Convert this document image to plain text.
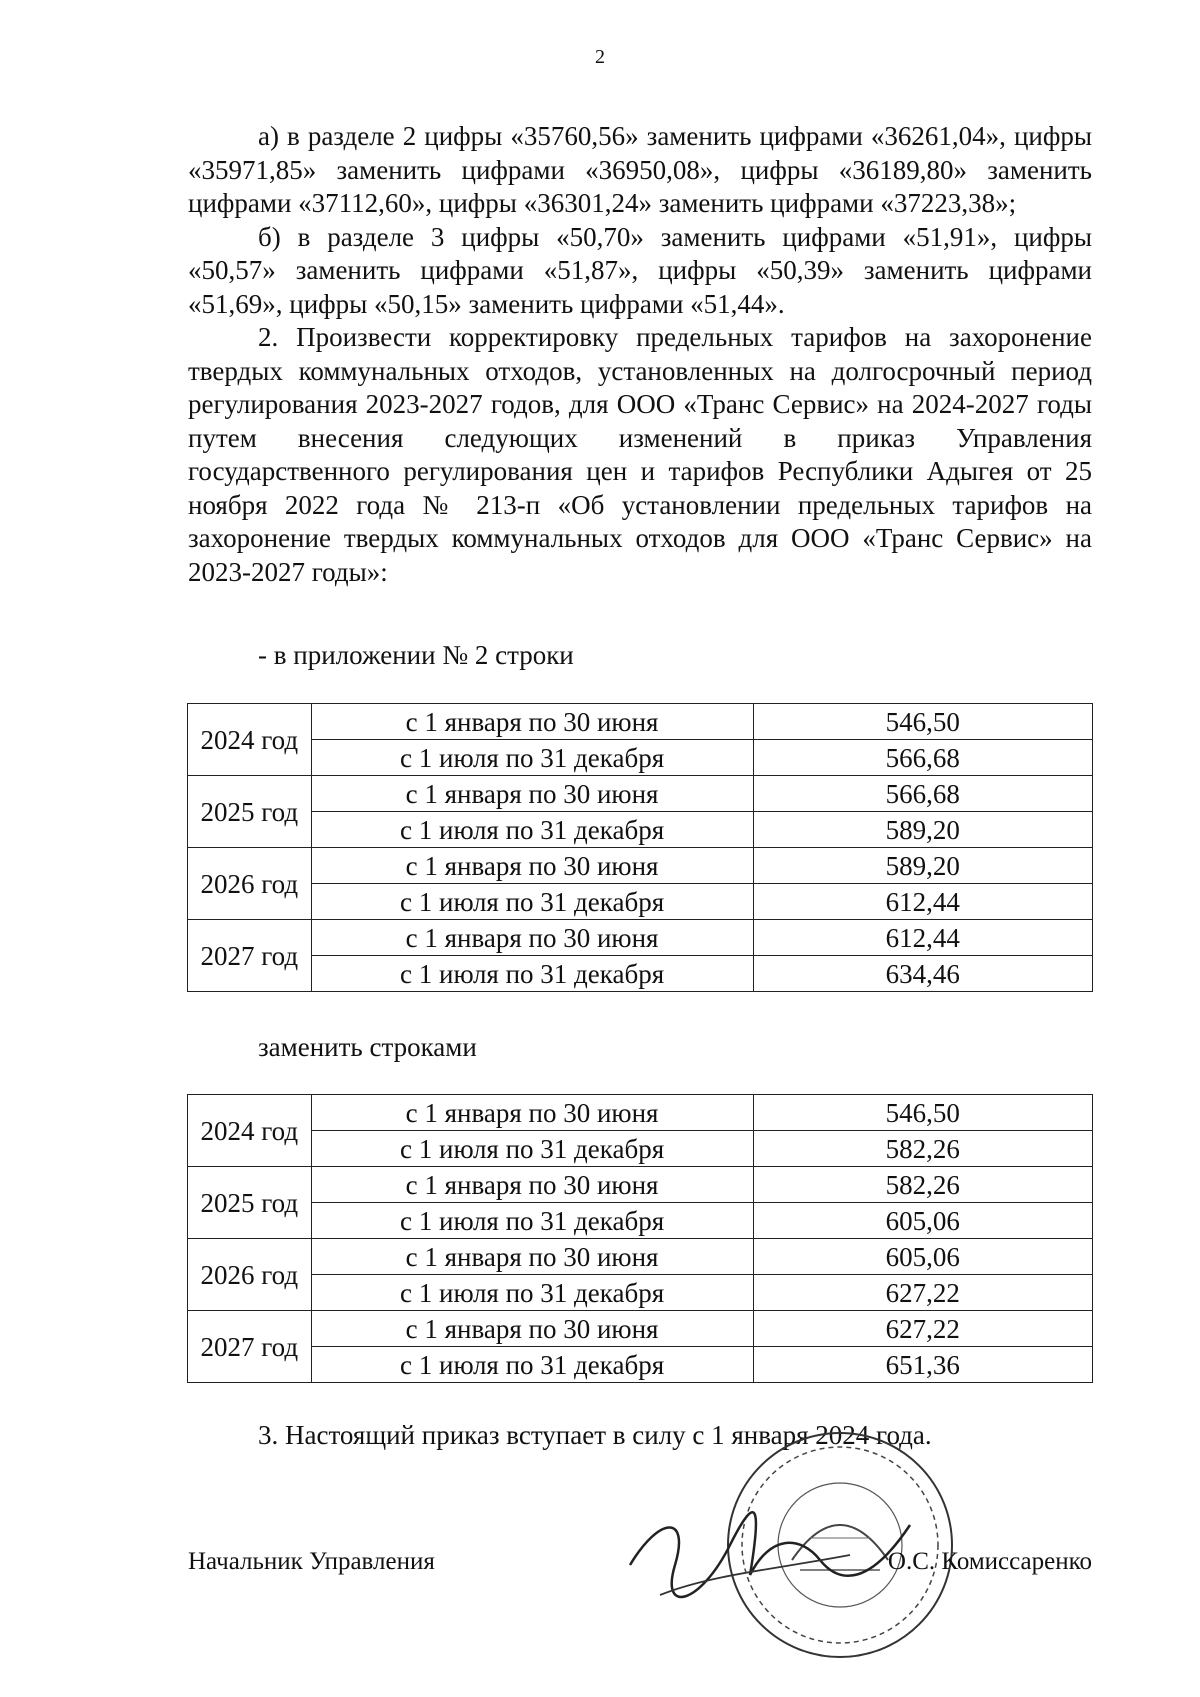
2

а) в разделе 2 цифры «35760,56» заменить цифрами «36261,04», цифры «35971,85» заменить цифрами «36950,08», цифры «36189,80» заменить цифрами «37112,60», цифры «36301,24» заменить цифрами «37223,38»;

б) в разделе 3 цифры «50,70» заменить цифрами «51,91», цифры «50,57» заменить цифрами «51,87», цифры «50,39» заменить цифрами «51,69», цифры «50,15» заменить цифрами «51,44».

2. Произвести корректировку предельных тарифов на захоронение твердых коммунальных отходов, установленных на долгосрочный период регулирования 2023-2027 годов, для ООО «Транс Сервис» на 2024-2027 годы путем внесения следующих изменений в приказ Управления государственного регулирования цен и тарифов Республики Адыгея от 25 ноября 2022 года № 213-п «Об установлении предельных тарифов на захоронение твердых коммунальных отходов для ООО «Транс Сервис» на 2023-2027 годы»:

- в приложении № 2 строки
2024 год	с 1 января по 30 июня	546,50
	с 1 июля по 31 декабря	566,68
2025 год	с 1 января по 30 июня	566,68
	с 1 июля по 31 декабря	589,20
2026 год	с 1 января по 30 июня	589,20
	с 1 июля по 31 декабря	612,44
2027 год	с 1 января по 30 июня	612,44
	с 1 июля по 31 декабря	634,46
заменить строками
2024 год	с 1 января по 30 июня	546,50
	с 1 июля по 31 декабря	582,26
2025 год	с 1 января по 30 июня	582,26
	с 1 июля по 31 декабря	605,06
2026 год	с 1 января по 30 июня	605,06
	с 1 июля по 31 декабря	627,22
2027 год	с 1 января по 30 июня	627,22
	с 1 июля по 31 декабря	651,36
3. Настоящий приказ вступает в силу с 1 января 2024 года.
Начальник Управления	О.С. Комиссаренко
